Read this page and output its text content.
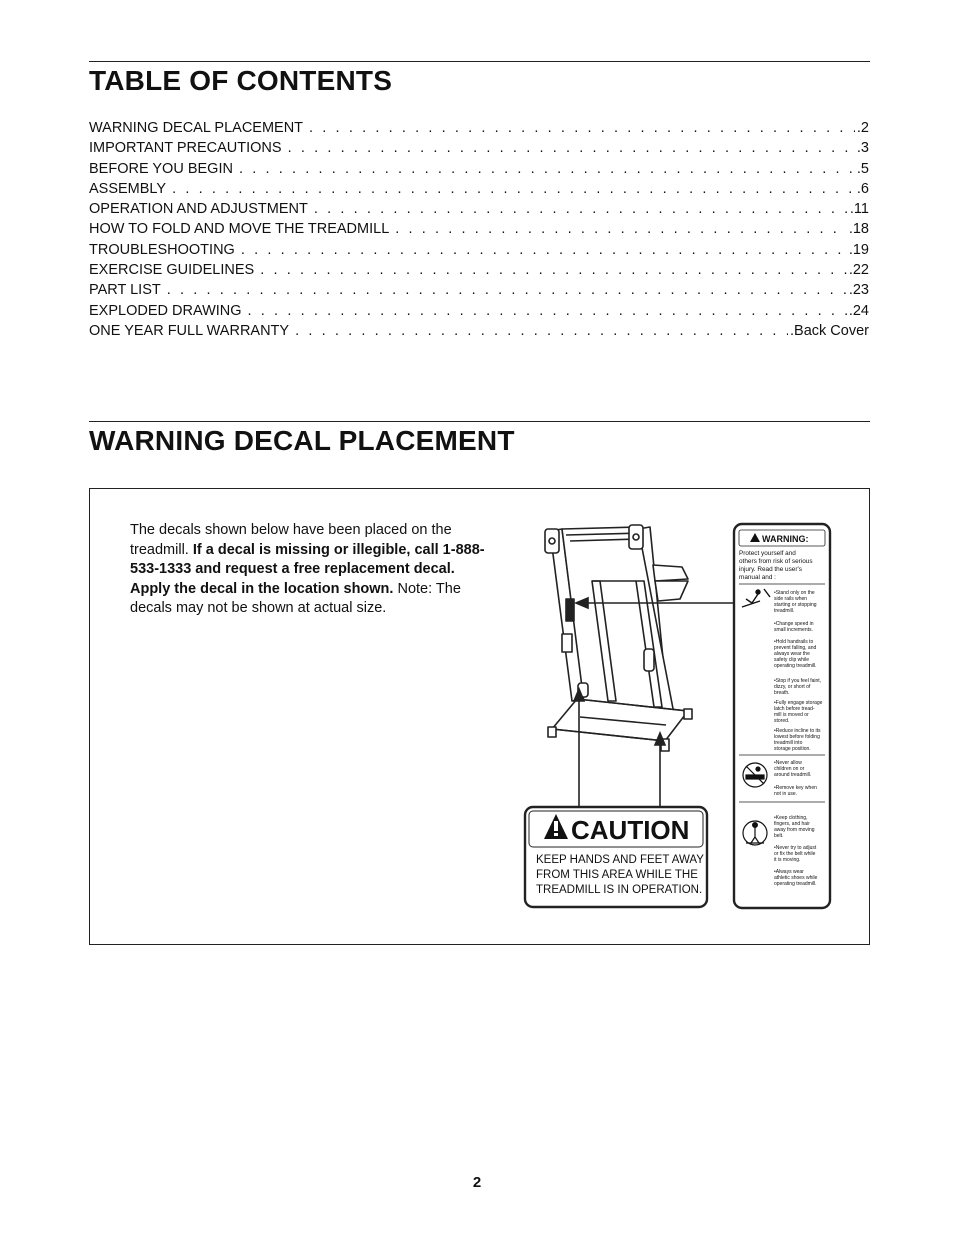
TABLE OF CONTENTS
WARNING DECAL PLACEMENT . . .	.2
IMPORTANT PRECAUTIONS . . .	.3
BEFORE YOU BEGIN . . .	.5
ASSEMBLY . . .	.6
OPERATION AND ADJUSTMENT . . .	.11
HOW TO FOLD AND MOVE THE TREADMILL . . .	.18
TROUBLESHOOTING . . .	.19
EXERCISE GUIDELINES . . .	.22
PART LIST . . .	.23
EXPLODED DRAWING . . .	.24
ONE YEAR FULL WARRANTY . . .	.Back Cover
WARNING DECAL PLACEMENT

The decals shown below have been placed on the treadmill. If a decal is missing or illegible, call 1-888-533-1333 and request a free replacement decal. Apply the decal in the location shown. Note: The decals may not be shown at actual size.

CAUTION
KEEP HANDS AND FEET AWAY
FROM THIS AREA WHILE THE
TREADMILL IS IN OPERATION.
WARNING:
Protect yourself and
others from risk of serious
injury. Read the user's
manual and :
•Stand only on the
side rails when
starting or stopping
treadmill.
•Change speed in
small increments.
•Hold handrails to
prevent falling, and
always wear the
safety clip while
operating treadmill.
•Stop if you feel faint,
dizzy, or short of
breath.
•Fully engage storage
latch before tread-
mill is moved or
stored.
•Reduce incline to its
lowest before folding
treadmill into
storage position.
•Never allow
children on or
around treadmill.
•Remove key when
not in use.
•Keep clothing,
fingers, and hair
away from moving
belt.
•Never try to adjust
or fix the belt while
it is moving.
•Always wear
athletic shoes while
operating treadmill.
2
